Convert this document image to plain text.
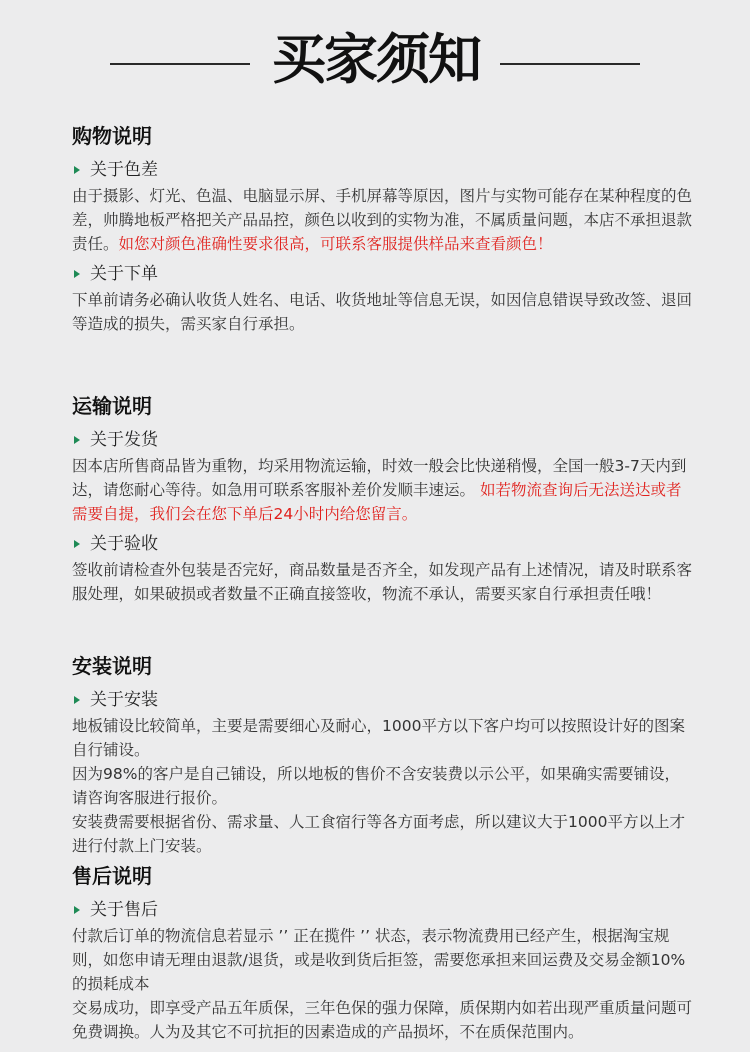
买家须知
购物说明
关于色差
由于摄影、灯光、色温、电脑显示屏、手机屏幕等原因，图片与实物可能存在某种程度的色差，帅腾地板严格把关产品品控，颜色以收到的实物为准，不属质量问题，本店不承担退款责任。如您对颜色准确性要求很高，可联系客服提供样品来查看颜色！
关于下单
下单前请务必确认收货人姓名、电话、收货地址等信息无误，如因信息错误导致改签、退回等造成的损失，需买家自行承担。
运输说明
关于发货
因本店所售商品皆为重物，均采用物流运输，时效一般会比快递稍慢，全国一般3-7天内到达，请您耐心等待。如急用可联系客服补差价发顺丰速运。 如若物流查询后无法送达或者需要自提，我们会在您下单后24小时内给您留言。
关于验收
签收前请检查外包装是否完好，商品数量是否齐全，如发现产品有上述情况，请及时联系客服处理，如果破损或者数量不正确直接签收，物流不承认，需要买家自行承担责任哦！
安装说明
关于安装
地板铺设比较简单，主要是需要细心及耐心，1000平方以下客户均可以按照设计好的图案自行铺设。
因为98%的客户是自己铺设，所以地板的售价不含安装费以示公平，如果确实需要铺设，请咨询客服进行报价。
安装费需要根据省份、需求量、人工食宿行等各方面考虑，所以建议大于1000平方以上才进行付款上门安装。
售后说明
关于售后
付款后订单的物流信息若显示 ’’ 正在揽件 ’’ 状态，表示物流费用已经产生，根据淘宝规则，如您申请无理由退款/退货，或是收到货后拒签，需要您承担来回运费及交易金额10%的损耗成本
交易成功，即享受产品五年质保，三年色保的强力保障，质保期内如若出现严重质量问题可免费调换。人为及其它不可抗拒的因素造成的产品损坏，不在质保范围内。
